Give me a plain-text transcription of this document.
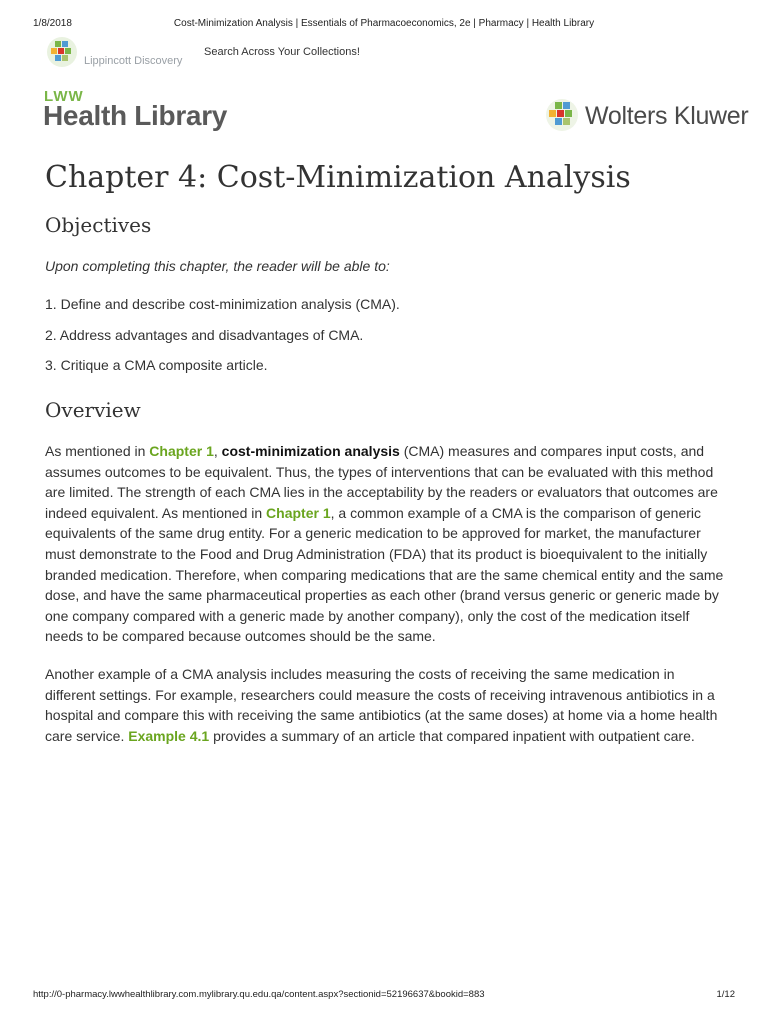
1/8/2018	Cost-Minimization Analysis | Essentials of Pharmacoeconomics, 2e | Pharmacy | Health Library
Lippincott Discovery
Search Across Your Collections!
LWW
Health Library	Wolters Kluwer
Chapter 4: Cost-Minimization Analysis
Objectives
Upon completing this chapter, the reader will be able to:
1. Define and describe cost-minimization analysis (CMA).
2. Address advantages and disadvantages of CMA.
3. Critique a CMA composite article.
Overview
As mentioned in Chapter 1, cost-minimization analysis (CMA) measures and compares input costs, and assumes outcomes to be equivalent. Thus, the types of interventions that can be evaluated with this method are limited. The strength of each CMA lies in the acceptability by the readers or evaluators that outcomes are indeed equivalent. As mentioned in Chapter 1, a common example of a CMA is the comparison of generic equivalents of the same drug entity. For a generic medication to be approved for market, the manufacturer must demonstrate to the Food and Drug Administration (FDA) that its product is bioequivalent to the initially branded medication. Therefore, when comparing medications that are the same chemical entity and the same dose, and have the same pharmaceutical properties as each other (brand versus generic or generic made by one company compared with a generic made by another company), only the cost of the medication itself needs to be compared because outcomes should be the same.
Another example of a CMA analysis includes measuring the costs of receiving the same medication in different settings. For example, researchers could measure the costs of receiving intravenous antibiotics in a hospital and compare this with receiving the same antibiotics (at the same doses) at home via a home health care service. Example 4.1 provides a summary of an article that compared inpatient with outpatient care.
http://0-pharmacy.lwwhealthlibrary.com.mylibrary.qu.edu.qa/content.aspx?sectionid=52196637&bookid=883	1/12
